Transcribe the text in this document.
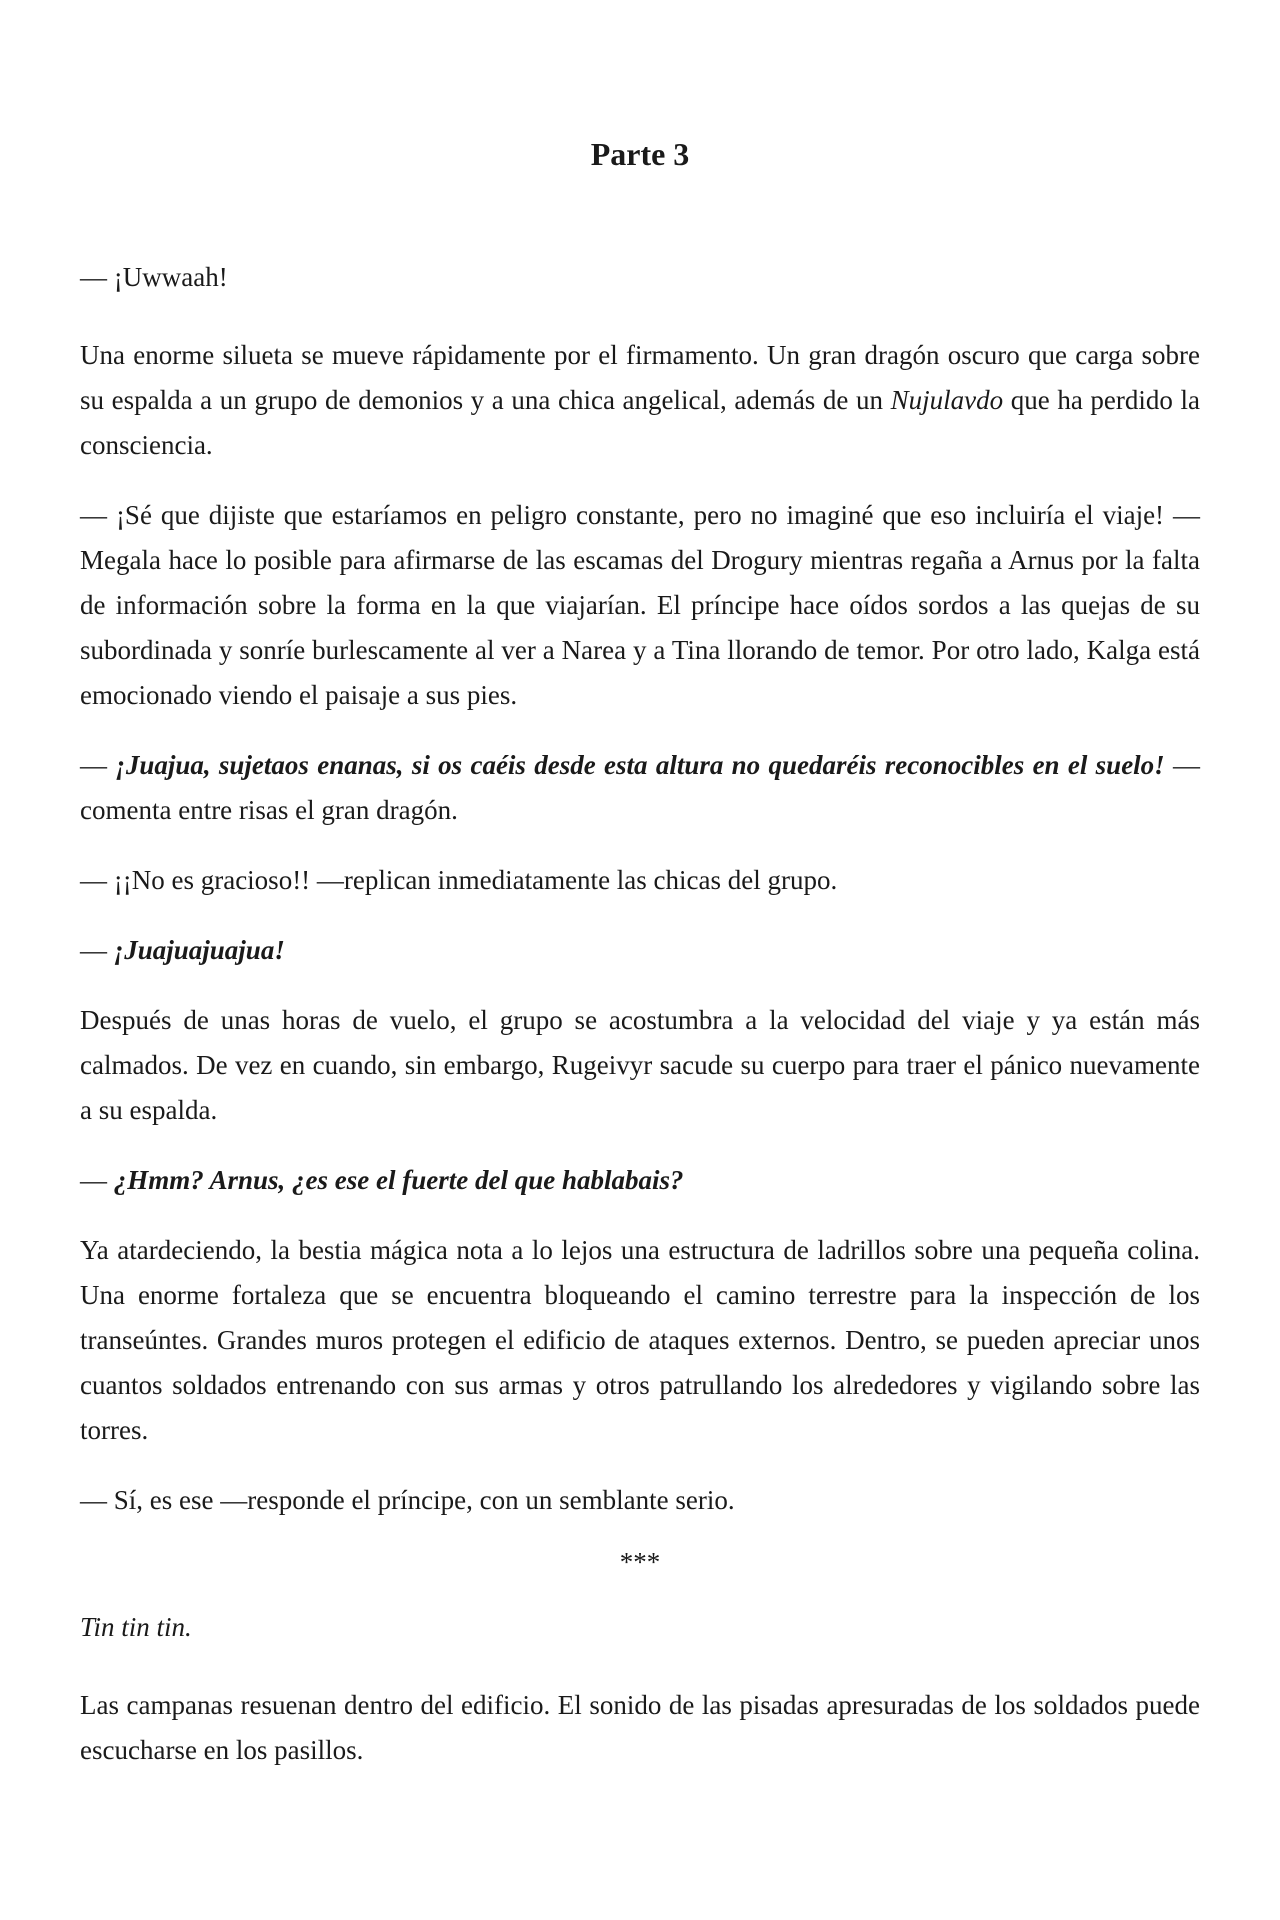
Parte 3

— ¡Uwwaah!

Una enorme silueta se mueve rápidamente por el firmamento. Un gran dragón oscuro que carga sobre su espalda a un grupo de demonios y a una chica angelical, además de un Nujulavdo que ha perdido la consciencia.

— ¡Sé que dijiste que estaríamos en peligro constante, pero no imaginé que eso incluiría el viaje! —Megala hace lo posible para afirmarse de las escamas del Drogury mientras regaña a Arnus por la falta de información sobre la forma en la que viajarían. El príncipe hace oídos sordos a las quejas de su subordinada y sonríe burlescamente al ver a Narea y a Tina llorando de temor. Por otro lado, Kalga está emocionado viendo el paisaje a sus pies.

— ¡Juajua, sujetaos enanas, si os caéis desde esta altura no quedaréis reconocibles en el suelo! —comenta entre risas el gran dragón.

— ¡¡No es gracioso!! —replican inmediatamente las chicas del grupo.

— ¡Juajuajuajua!

Después de unas horas de vuelo, el grupo se acostumbra a la velocidad del viaje y ya están más calmados. De vez en cuando, sin embargo, Rugeivyr sacude su cuerpo para traer el pánico nuevamente a su espalda.

— ¿Hmm? Arnus, ¿es ese el fuerte del que hablabais?

Ya atardeciendo, la bestia mágica nota a lo lejos una estructura de ladrillos sobre una pequeña colina. Una enorme fortaleza que se encuentra bloqueando el camino terrestre para la inspección de los transeúntes. Grandes muros protegen el edificio de ataques externos. Dentro, se pueden apreciar unos cuantos soldados entrenando con sus armas y otros patrullando los alrededores y vigilando sobre las torres.

— Sí, es ese —responde el príncipe, con un semblante serio.

***

Tin tin tin.

Las campanas resuenan dentro del edificio. El sonido de las pisadas apresuradas de los soldados puede escucharse en los pasillos.
